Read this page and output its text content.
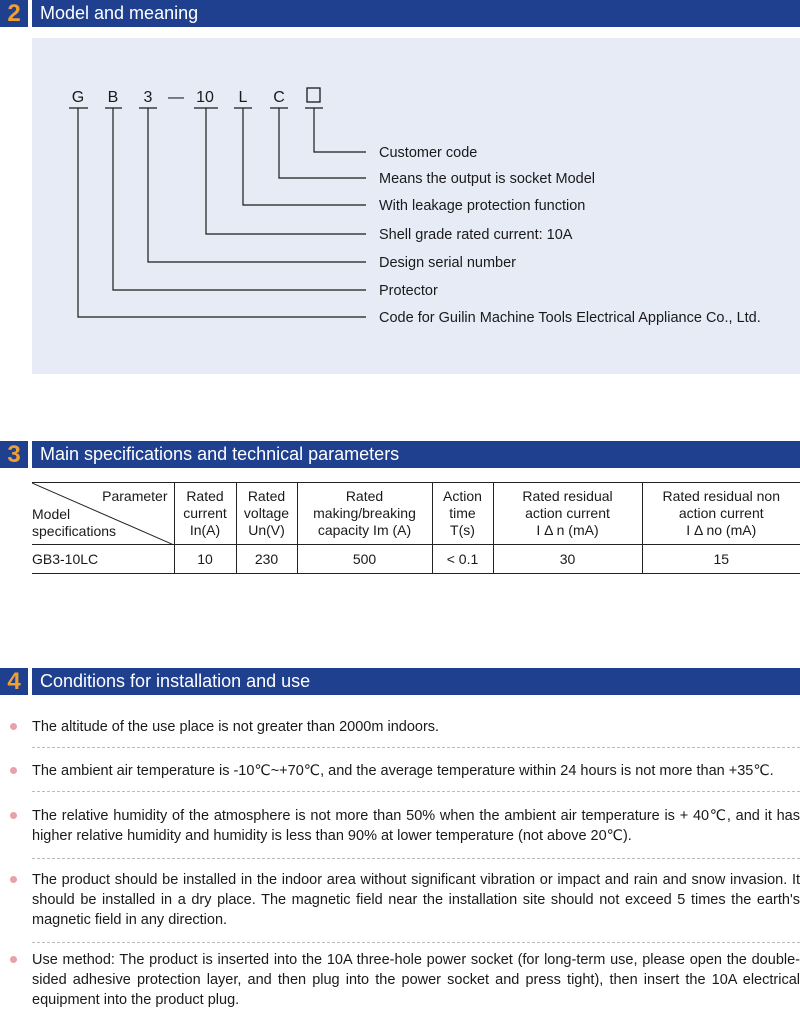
2	Model and meaning
G B 3 — 10 L C
Customer code
Means the output is socket Model
With leakage protection function
Shell grade rated current: 10A
Design serial number
Protector
Code for Guilin Machine Tools Electrical Appliance Co., Ltd.
3	Main specifications and technical parameters
Parameter
Model
specifications	Rated
current
In(A)	Rated
voltage
Un(V)	Rated
making/breaking
capacity Im (A)	Action
time
T(s)	Rated residual
action current
I Δ n (mA)	Rated residual non
action current
I Δ no (mA)

GB3-10LC	10	230	500	< 0.1	30	15
4	Conditions for installation and use
The altitude of the use place is not greater than 2000m indoors.
The ambient air temperature is -10℃~+70℃, and the average temperature within 24 hours is not more than +35℃.
The relative humidity of the atmosphere is not more than 50% when the ambient air temperature is + 40℃, and it has higher relative humidity and humidity is less than 90% at lower temperature (not above 20℃).
The product should be installed in the indoor area without significant vibration or impact and rain and snow invasion. It should be installed in a dry place. The magnetic field near the installation site should not exceed 5 times the earth's magnetic field in any direction.
Use method: The product is inserted into the 10A three-hole power socket (for long-term use, please open the double-sided adhesive protection layer, and then plug into the power socket and press tight), then insert the 10A electrical equipment into the product plug.
